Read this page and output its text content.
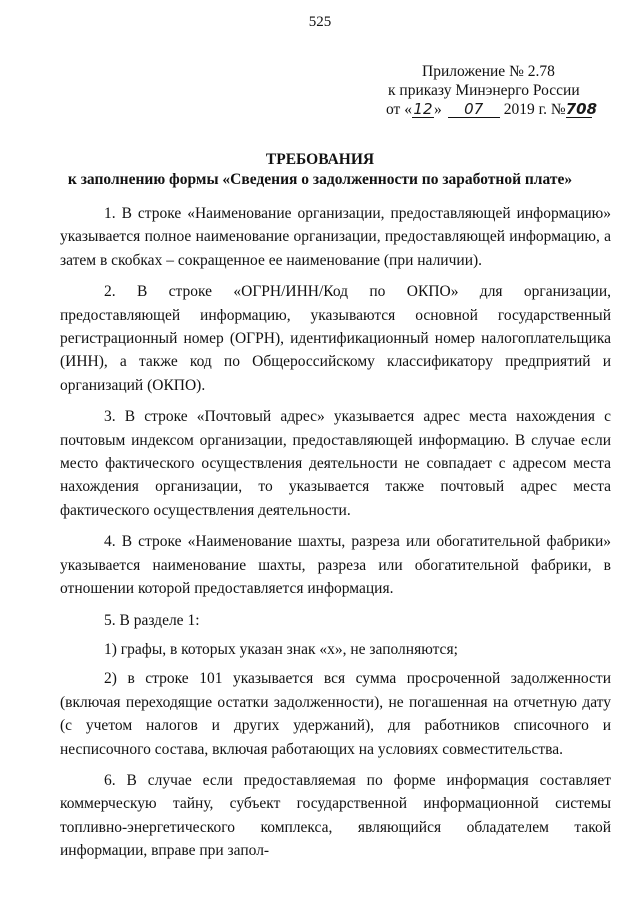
525
Приложение № 2.78
к приказу Минэнерго России
от «12» 07 2019 г. №708
ТРЕБОВАНИЯ
к заполнению формы «Сведения о задолженности по заработной плате»

1. В строке «Наименование организации, предоставляющей информацию» указывается полное наименование организации, предоставляющей информацию, а затем в скобках – сокращенное ее наименование (при наличии).

2. В строке «ОГРН/ИНН/Код по ОКПО» для организации, предоставляющей информацию, указываются основной государственный регистрационный номер (ОГРН), идентификационный номер налогоплательщика (ИНН), а также код по Общероссийскому классификатору предприятий и организаций (ОКПО).

3. В строке «Почтовый адрес» указывается адрес места нахождения с почтовым индексом организации, предоставляющей информацию. В случае если место фактического осуществления деятельности не совпадает с адресом места нахождения организации, то указывается также почтовый адрес места фактического осуществления деятельности.

4. В строке «Наименование шахты, разреза или обогатительной фабрики» указывается наименование шахты, разреза или обогатительной фабрики, в отношении которой предоставляется информация.

5. В разделе 1:

1) графы, в которых указан знак «х», не заполняются;

2) в строке 101 указывается вся сумма просроченной задолженности (включая переходящие остатки задолженности), не погашенная на отчетную дату (с учетом налогов и других удержаний), для работников списочного и несписочного состава, включая работающих на условиях совместительства.

6. В случае если предоставляемая по форме информация составляет коммерческую тайну, субъект государственной информационной системы топливно-энергетического комплекса, являющийся обладателем такой информации, вправе при запол-
